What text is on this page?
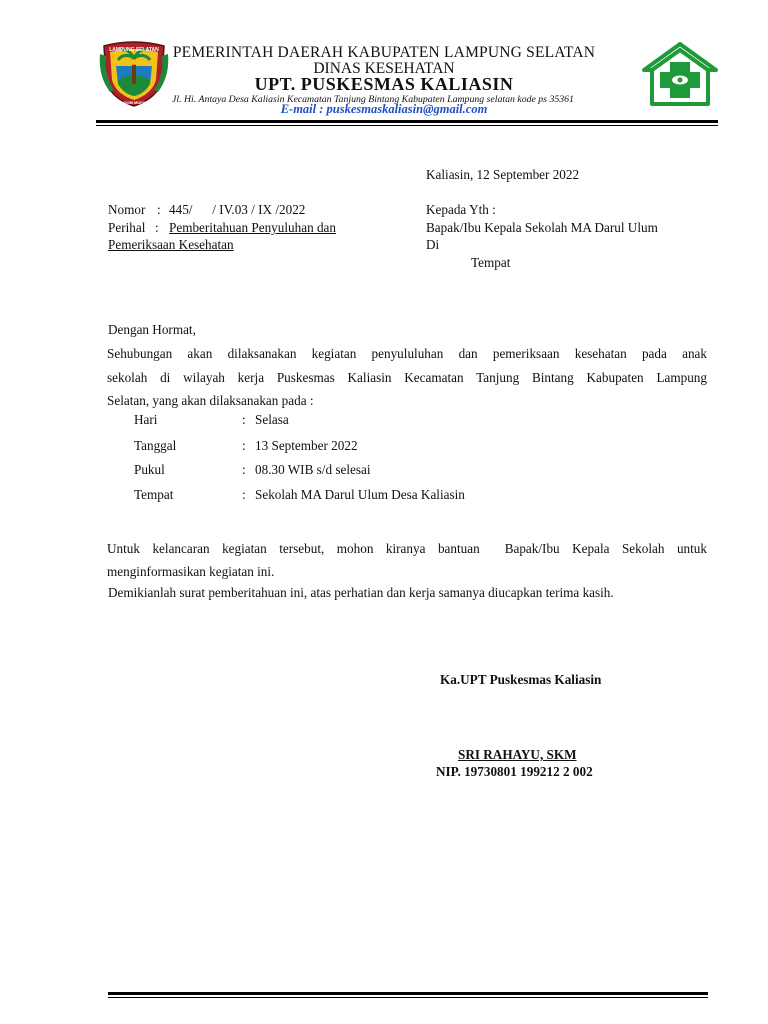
LAMPUNG SELATAN
KHAGOM MUFAKAT
PEMERINTAH DAERAH KABUPATEN LAMPUNG SELATAN
DINAS KESEHATAN
UPT. PUSKESMAS KALIASIN
Jl. Hi. Antaya Desa Kaliasin Kecamatan Tanjung Bintang Kabupaten Lampung selatan kode ps 35361
E-mail : puskesmaskaliasin@gmail.com
Kaliasin, 12 September 2022
Nomor : 445/      / IV.03 / IX /2022
Perihal : Pemberitahuan Penyuluhan dan
Pemeriksaan Kesehatan
Kepada Yth :
Bapak/Ibu Kepala Sekolah MA Darul Ulum
Di
Tempat
Dengan Hormat,
Sehubungan akan dilaksanakan kegiatan penyululuhan dan pemeriksaan kesehatan pada anak
sekolah di wilayah kerja Puskesmas Kaliasin Kecamatan Tanjung Bintang Kabupaten Lampung
Selatan, yang akan dilaksanakan pada :
Hari	: Selasa
Tanggal	: 13 September 2022
Pukul	: 08.30 WIB s/d selesai
Tempat	: Sekolah MA Darul Ulum Desa Kaliasin
Untuk kelancaran kegiatan tersebut, mohon kiranya bantuan  Bapak/Ibu Kepala Sekolah untuk
menginformasikan kegiatan ini.
Demikianlah surat pemberitahuan ini, atas perhatian dan kerja samanya diucapkan terima kasih.
Ka.UPT Puskesmas Kaliasin
SRI RAHAYU, SKM
NIP. 19730801 199212 2 002
